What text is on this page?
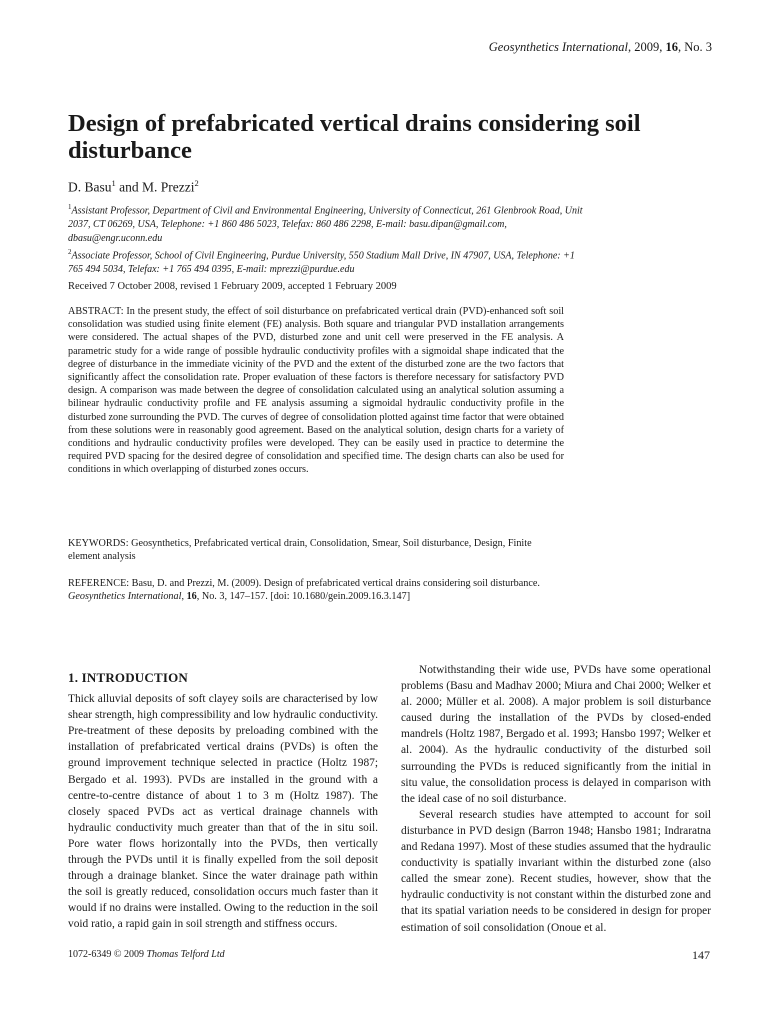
Geosynthetics International, 2009, 16, No. 3
Design of prefabricated vertical drains considering soil disturbance
D. Basu$^1$ and M. Prezzi$^2$
$^1$Assistant Professor, Department of Civil and Environmental Engineering, University of Connecticut, 261 Glenbrook Road, Unit 2037, CT 06269, USA, Telephone: +1 860 486 5023, Telefax: 860 486 2298, E-mail: basu.dipan@gmail.com, dbasu@engr.uconn.edu
$^2$Associate Professor, School of Civil Engineering, Purdue University, 550 Stadium Mall Drive, IN 47907, USA, Telephone: +1 765 494 5034, Telefax: +1 765 494 0395, E-mail: mprezzi@purdue.edu
Received 7 October 2008, revised 1 February 2009, accepted 1 February 2009

ABSTRACT: In the present study, the effect of soil disturbance on prefabricated vertical drain (PVD)-enhanced soft soil consolidation was studied using finite element (FE) analysis. Both square and triangular PVD installation arrangements were considered. The actual shapes of the PVD, disturbed zone and unit cell were preserved in the FE analysis. A parametric study for a wide range of possible hydraulic conductivity profiles with a sigmoidal shape indicated that the degree of disturbance in the immediate vicinity of the PVD and the extent of the disturbed zone are the two factors that significantly affect the consolidation rate. Proper evaluation of these factors is therefore necessary for satisfactory PVD design. A comparison was made between the degree of consolidation calculated using an analytical solution assuming a bilinear hydraulic conductivity profile and FE analysis assuming a sigmoidal hydraulic conductivity profile in the disturbed zone surrounding the PVD. The curves of degree of consolidation plotted against time factor that were obtained from these solutions were in reasonably good agreement. Based on the analytical solution, design charts for a variety of conditions and hydraulic conductivity profiles were developed. They can be easily used in practice to determine the required PVD spacing for the desired degree of consolidation and specified time. The design charts can also be used for conditions in which overlapping of disturbed zones occurs.

KEYWORDS: Geosynthetics, Prefabricated vertical drain, Consolidation, Smear, Soil disturbance, Design, Finite element analysis

REFERENCE: Basu, D. and Prezzi, M. (2009). Design of prefabricated vertical drains considering soil disturbance. Geosynthetics International, 16, No. 3, 147–157. [doi: 10.1680/gein.2009.16.3.147]

1. INTRODUCTION

Thick alluvial deposits of soft clayey soils are characterised by low shear strength, high compressibility and low hydraulic conductivity. Pre-treatment of these deposits by preloading combined with the installation of prefabricated vertical drains (PVDs) is often the ground improvement technique selected in practice (Holtz 1987; Bergado et al. 1993). PVDs are installed in the ground with a centre-to-centre distance of about 1 to 3 m (Holtz 1987). The closely spaced PVDs act as vertical drainage channels with hydraulic conductivity much greater than that of the in situ soil. Pore water flows horizontally into the PVDs, then vertically through the PVDs until it is finally expelled from the soil deposit through a drainage blanket. Since the water drainage path within the soil is greatly reduced, consolidation occurs much faster than it would if no drains were installed. Owing to the reduction in the soil void ratio, a rapid gain in soil strength and stiffness occurs.

Notwithstanding their wide use, PVDs have some operational problems (Basu and Madhav 2000; Miura and Chai 2000; Welker et al. 2000; Müller et al. 2008). A major problem is soil disturbance caused during the installation of the PVDs by closed-ended mandrels (Holtz 1987, Bergado et al. 1993; Hansbo 1997; Welker et al. 2004). As the hydraulic conductivity of the disturbed soil surrounding the PVDs is reduced significantly from the initial in situ value, the consolidation process is delayed in comparison with the ideal case of no soil disturbance.

Several research studies have attempted to account for soil disturbance in PVD design (Barron 1948; Hansbo 1981; Indraratna and Redana 1997). Most of these studies assumed that the hydraulic conductivity is spatially invariant within the disturbed zone (also called the smear zone). Recent studies, however, show that the hydraulic conductivity is not constant within the disturbed zone and that its spatial variation needs to be considered in design for proper estimation of soil consolidation (Onoue et al.

1072-6349 © 2009 Thomas Telford Ltd	147
